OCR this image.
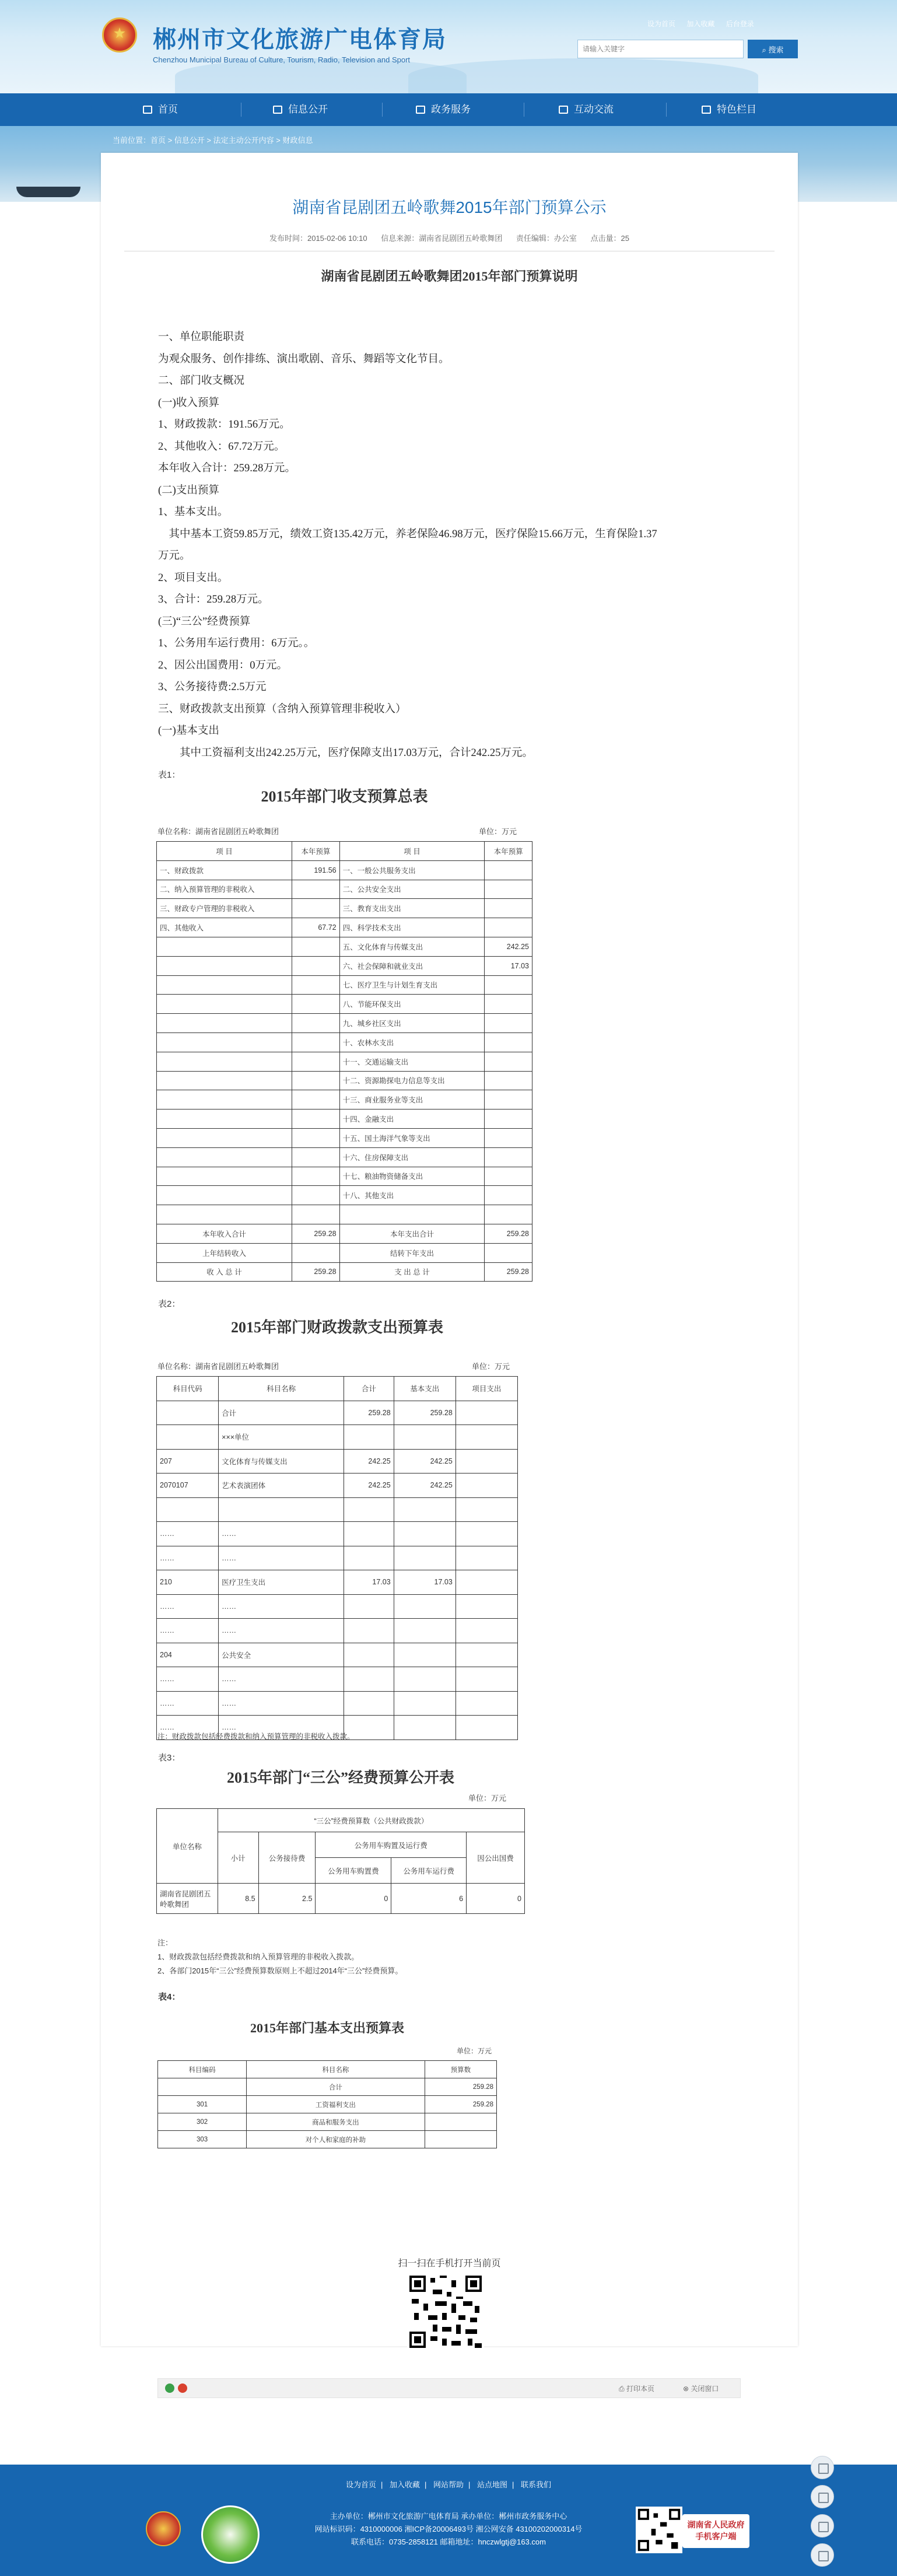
郴州市文化旅游广电体育局
Chenzhou Municipal Bureau of Culture, Tourism, Radio, Television and Sport
设为首页 加入收藏 后台登录
请输入关键字
⌕ 搜索
首页	信息公开	政务服务	互动交流	特色栏目
当前位置：首页 > 信息公开 > 法定主动公开内容 > 财政信息
湖南省昆剧团五岭歌舞2015年部门预算公示
发布时间：2015-02-06 10:10 信息来源：湖南省昆剧团五岭歌舞团 责任编辑：办公室 点击量：25
湖南省昆剧团五岭歌舞团2015年部门预算说明

一、单位职能职责

为观众服务、创作排练、演出歌剧、音乐、舞蹈等文化节目。

二、部门收支概况

(一)收入预算

1、财政拨款：191.56万元。

2、其他收入：67.72万元。

本年收入合计：259.28万元。

(二)支出预算

1、基本支出。

其中基本工资59.85万元，绩效工资135.42万元，养老保险46.98万元，医疗保险15.66万元，生育保险1.37

万元。

2、项目支出。

3、合计：259.28万元。

(三)“三公”经费预算

1、公务用车运行费用：6万元。。

2、因公出国费用：0万元。

3、公务接待费:2.5万元

三、财政拨款支出预算（含纳入预算管理非税收入）

(一)基本支出

其中工资福利支出242.25万元，医疗保障支出17.03万元，合计242.25万元。

表1：
2015年部门收支预算总表
单位名称：湖南省昆剧团五岭歌舞团	单位：万元
项 目	本年预算	项 目	本年预算
一、财政拨款	191.56	一、一般公共服务支出	
二、纳入预算管理的非税收入		二、公共安全支出	
三、财政专户管理的非税收入		三、教育支出支出	
四、其他收入	67.72	四、科学技术支出	
		五、文化体育与传媒支出	242.25
		六、社会保障和就业支出	17.03
		七、医疗卫生与计划生育支出	
		八、节能环保支出	
		九、城乡社区支出	
		十、农林水支出	
		十一、交通运输支出	
		十二、资源勘探电力信息等支出	
		十三、商业服务业等支出	
		十四、金融支出	
		十五、国土海洋气象等支出	
		十六、住房保障支出	
		十七、粮油物资储备支出	
		十八、其他支出	

本年收入合计	259.28	本年支出合计	259.28
上年结转收入		结转下年支出	
收 入 总 计	259.28	支 出 总 计	259.28
表2：
2015年部门财政拨款支出预算表
单位名称：湖南省昆剧团五岭歌舞团	单位：万元
科目代码	科目名称	合计	基本支出	项目支出
	合计	259.28	259.28	
	×××单位			
207	文化体育与传媒支出	242.25	242.25	
2070107	艺术表演团体	242.25	242.25	

……	……			
……	……			
210	医疗卫生支出	17.03	17.03	
……	……			
……	……			
204	公共安全			
……	……			
……	……			
……	……			
注：财政拨款包括经费拨款和纳入预算管理的非税收入拨款。
表3：
2015年部门“三公”经费预算公开表
单位：万元
单位名称	“三公”经费预算数（公共财政拨款）				
	小计	公务接待费	公务用车购置及运行费		因公出国费
			公务用车购置费	公务用车运行费	
湖南省昆剧团五岭歌舞团	8.5	2.5	0	6	0
注：
1、财政拨款包括经费拨款和纳入预算管理的非税收入拨款。
2、各部门2015年“三公”经费预算数原则上不超过2014年“三公”经费预算。
表4：
2015年部门基本支出预算表
单位：万元
科目编码	科目名称	预算数
	合计	259.28
301	工资福利支出	259.28
302	商品和服务支出	
303	对个人和家庭的补助	
扫一扫在手机打开当前页
⎙ 打印本页	⊗ 关闭窗口
设为首页 | 加入收藏 | 网站帮助 | 站点地图 | 联系我们
主办单位：郴州市文化旅游广电体育局 承办单位：郴州市政务服务中心
网站标识码：4310000006 湘ICP备20006493号 湘公网安备 43100202000314号
联系电话：0735-2858121 邮箱地址：hnczwlgtj@163.com
湖南省人民政府
手机客户端
